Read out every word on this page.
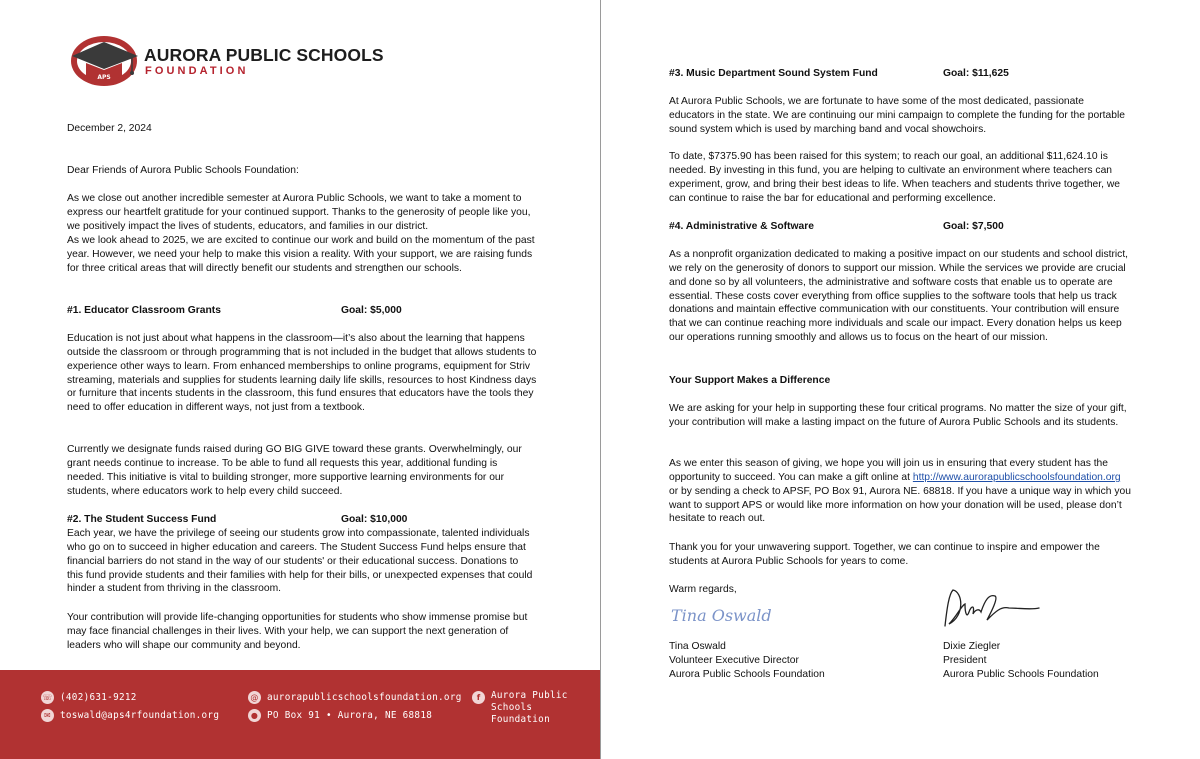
APS
AURORA PUBLIC SCHOOLS
FOUNDATION

December 2, 2024

Dear Friends of Aurora Public Schools Foundation:

As we close out another incredible semester at Aurora Public Schools, we want to take a moment to express our heartfelt gratitude for your continued support. Thanks to the generosity of people like you, we positively impact the lives of students, educators, and families in our district.

As we look ahead to 2025, we are excited to continue our work and build on the momentum of the past year. However, we need your help to make this vision a reality. With your support, we are raising funds for three critical areas that will directly benefit our students and strengthen our schools.

#1. Educator Classroom Grants	Goal: $5,000

Education is not just about what happens in the classroom—it’s also about the learning that happens outside the classroom or through programming that is not included in the budget that allows students to experience other ways to learn. From enhanced memberships to online programs, equipment for Striv streaming, materials and supplies for students learning daily life skills, resources to host Kindness days or furniture that incents students in the classroom, this fund ensures that educators have the tools they need to offer education in different ways, not just from a textbook.

Currently we designate funds raised during GO BIG GIVE toward these grants. Overwhelmingly, our grant needs continue to increase. To be able to fund all requests this year, additional funding is needed. This initiative is vital to building stronger, more supportive learning environments for our students, where educators work to help every child succeed.

#2. The Student Success Fund	Goal: $10,000

Each year, we have the privilege of seeing our students grow into compassionate, talented individuals who go on to succeed in higher education and careers. The Student Success Fund helps ensure that financial barriers do not stand in the way of our students' or their educational success. Donations to this fund provide students and their families with help for their bills, or unexpected expenses that could hinder a student from thriving in the classroom.

Your contribution will provide life-changing opportunities for students who show immense promise but may face financial challenges in their lives. With your help, we can support the next generation of leaders who will shape our community and beyond.

☏ (402)631-9212
✉ toswald@aps4rfoundation.org
@ aurorapublicschoolsfoundation.org
● PO Box 91 • Aurora, NE 68818
f	Aurora Public Schools Foundation
#3. Music Department Sound System Fund	Goal: $11,625

At Aurora Public Schools, we are fortunate to have some of the most dedicated, passionate educators in the state. We are continuing our mini campaign to complete the funding for the portable sound system which is used by marching band and vocal showchoirs.

To date, $7375.90 has been raised for this system; to reach our goal, an additional $11,624.10 is needed. By investing in this fund, you are helping to cultivate an environment where teachers can experiment, grow, and bring their best ideas to life. When teachers and students thrive together, we can continue to raise the bar for educational and performing excellence.

#4. Administrative & Software	Goal: $7,500

As a nonprofit organization dedicated to making a positive impact on our students and school district, we rely on the generosity of donors to support our mission. While the services we provide are crucial and done so by all volunteers, the administrative and software costs that enable us to operate are essential. These costs cover everything from office supplies to the software tools that help us track donations and maintain effective communication with our constituents. Your contribution will ensure that we can continue reaching more individuals and scale our impact. Every donation helps us keep our operations running smoothly and allows us to focus on the heart of our mission.

Your Support Makes a Difference

We are asking for your help in supporting these four critical programs. No matter the size of your gift, your contribution will make a lasting impact on the future of Aurora Public Schools and its students.

As we enter this season of giving, we hope you will join us in ensuring that every student has the opportunity to succeed. You can make a gift online at http://www.aurorapublicschoolsfoundation.org or by sending a check to APSF, PO Box 91, Aurora NE. 68818. If you have a unique way in which you want to support APS or would like more information on how your donation will be used, please don’t hesitate to reach out.

Thank you for your unwavering support. Together, we can continue to inspire and empower the students at Aurora Public Schools for years to come.

Warm regards,

Tina Oswald

Tina Oswald

Volunteer Executive Director

Aurora Public Schools Foundation

Dixie Ziegler

President

Aurora Public Schools Foundation
